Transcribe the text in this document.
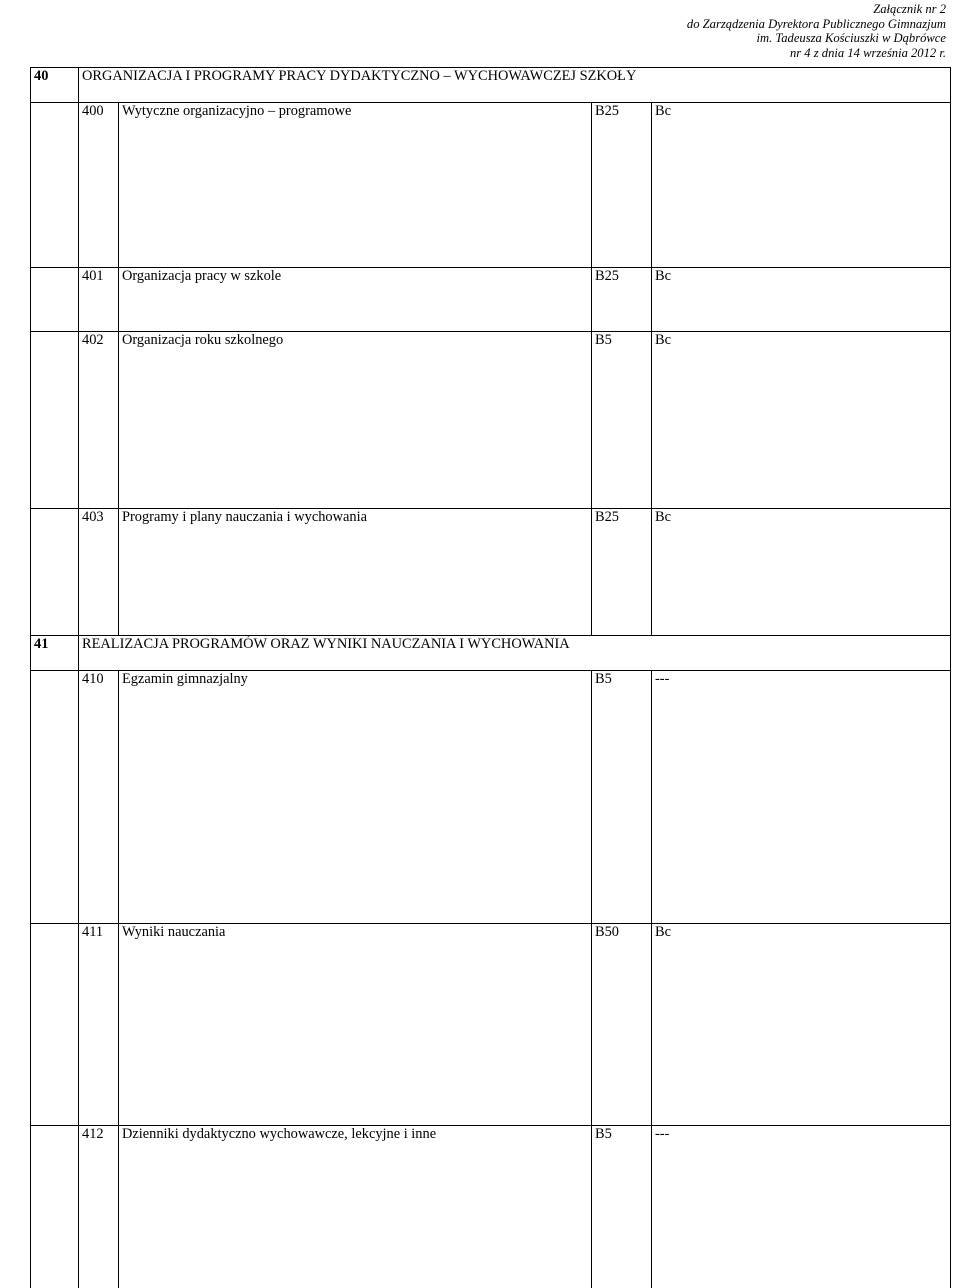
Załącznik nr 2
do Zarządzenia Dyrektora Publicznego Gimnazjum
im. Tadeusza Kościuszki w Dąbrówce
nr 4 z dnia 14 września 2012 r.
40	ORGANIZACJA I PROGRAMY PRACY DYDAKTYCZNO – WYCHOWAWCZEJ SZKOŁY					
	400	Wytyczne organizacyjno – programowe		B25	Bc	
	401	Organizacja pracy w szkole		B25	Bc	
	402	Organizacja roku szkolnego		B5	Bc	
	403	Programy i plany nauczania i wychowania		B25	Bc	
41	REALIZACJA PROGRAMÓW ORAZ WYNIKI NAUCZANIA I WYCHOWANIA					
	410	Egzamin gimnazjalny		B5	---	
	411	Wyniki nauczania		B50	Bc	
	412	Dzienniki dydaktyczno wychowawcze, lekcyjne i inne		B5	---	
